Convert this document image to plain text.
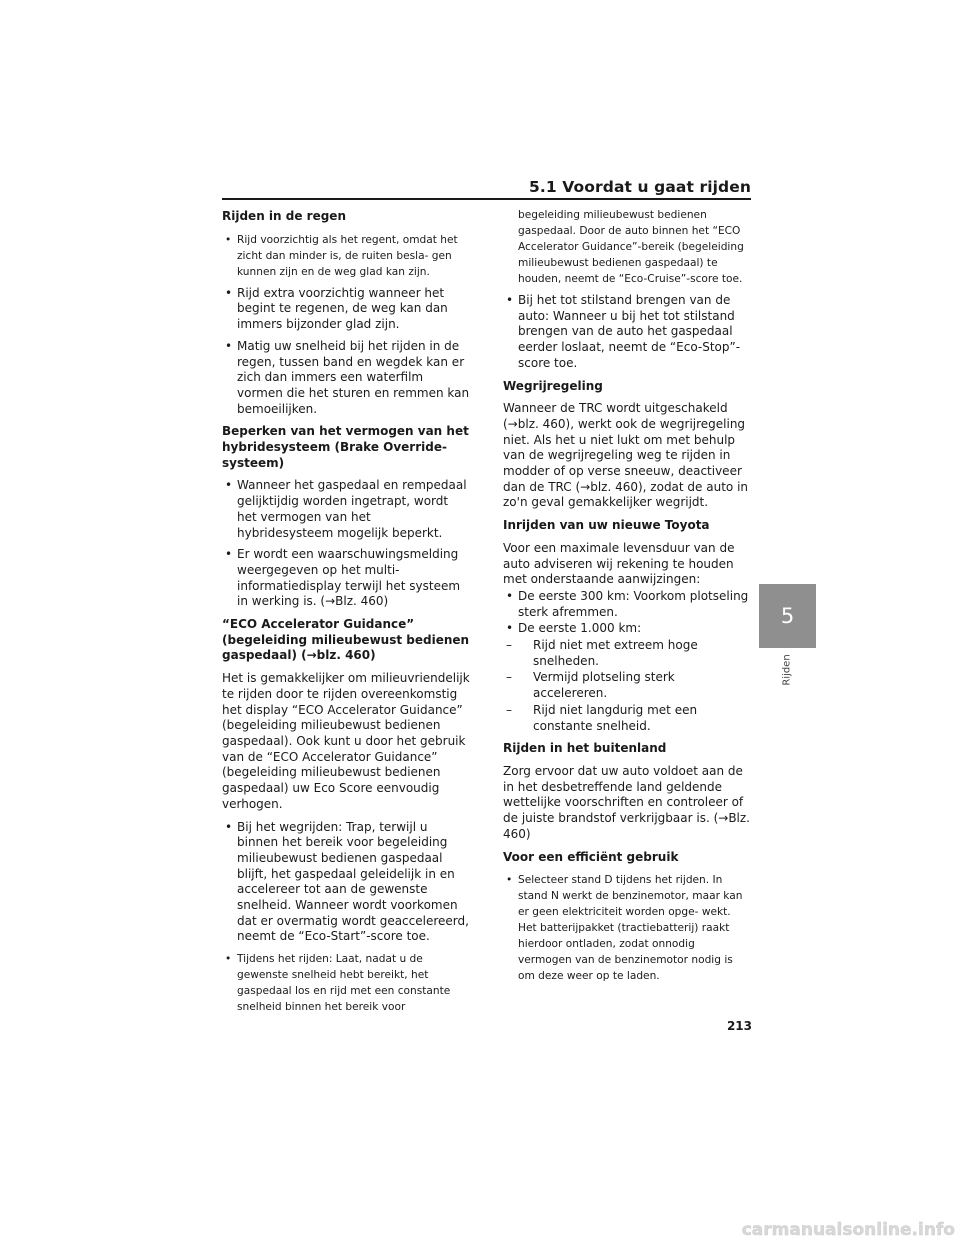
5.1 Voordat u gaat rijden
5
Rijden
Rijden in de regen
• Rijd voorzichtig als het regent, omdat het zicht dan minder is, de ruiten besla- gen kunnen zijn en de weg glad kan zijn.
• Rijd extra voorzichtig wanneer het begint te regenen, de weg kan dan immers bijzonder glad zijn.
• Matig uw snelheid bij het rijden in de regen, tussen band en wegdek kan er zich dan immers een waterfilm vormen die het sturen en remmen kan bemoeilijken.
Beperken van het vermogen van het hybridesysteem (Brake Override-systeem)
• Wanneer het gaspedaal en rempedaal gelijktijdig worden ingetrapt, wordt het vermogen van het hybridesysteem mogelijk beperkt.
• Er wordt een waarschuwingsmelding weergegeven op het multi- informatiedisplay terwijl het systeem in werking is. (→Blz. 460)
“ECO Accelerator Guidance” (begeleiding milieubewust bedienen gaspedaal) (→blz. 460)

Het is gemakkelijker om milieuvriendelijk te rijden door te rijden overeenkomstig het display “ECO Accelerator Guidance” (begeleiding milieubewust bedienen gaspedaal). Ook kunt u door het gebruik van de “ECO Accelerator Guidance” (begeleiding milieubewust bedienen gaspedaal) uw Eco Score eenvoudig verhogen.

• Bij het wegrijden: Trap, terwijl u binnen het bereik voor begeleiding milieubewust bedienen gaspedaal blijft, het gaspedaal geleidelijk in en accelereer tot aan de gewenste snelheid. Wanneer wordt voorkomen dat er overmatig wordt geaccelereerd, neemt de “Eco-Start”-score toe.
• Tijdens het rijden: Laat, nadat u de gewenste snelheid hebt bereikt, het gaspedaal los en rijd met een constante snelheid binnen het bereik voor
begeleiding milieubewust bedienen gaspedaal. Door de auto binnen het “ECO Accelerator Guidance”-bereik (begeleiding milieubewust bedienen gaspedaal) te houden, neemt de “Eco-Cruise”-score toe.
• Bij het tot stilstand brengen van de auto: Wanneer u bij het tot stilstand brengen van de auto het gaspedaal eerder loslaat, neemt de “Eco-Stop”-score toe.
Wegrijregeling

Wanneer de TRC wordt uitgeschakeld (→blz. 460), werkt ook de wegrijregeling niet. Als het u niet lukt om met behulp van de wegrijregeling weg te rijden in modder of op verse sneeuw, deactiveer dan de TRC (→blz. 460), zodat de auto in zo'n geval gemakkelijker wegrijdt.

Inrijden van uw nieuwe Toyota

Voor een maximale levensduur van de auto adviseren wij rekening te houden met onderstaande aanwijzingen:

• De eerste 300 km: Voorkom plotseling sterk afremmen.
• De eerste 1.000 km:
– Rijd niet met extreem hoge snelheden.
– Vermijd plotseling sterk accelereren.
– Rijd niet langdurig met een constante snelheid.
Rijden in het buitenland

Zorg ervoor dat uw auto voldoet aan de in het desbetreffende land geldende wettelijke voorschriften en controleer of de juiste brandstof verkrijgbaar is. (→Blz. 460)

Voor een efficiënt gebruik
• Selecteer stand D tijdens het rijden. In stand N werkt de benzinemotor, maar kan er geen elektriciteit worden opge- wekt. Het batterijpakket (tractiebatterij) raakt hierdoor ontladen, zodat onnodig vermogen van de benzinemotor nodig is om deze weer op te laden.
213
carmanualsonline.info
